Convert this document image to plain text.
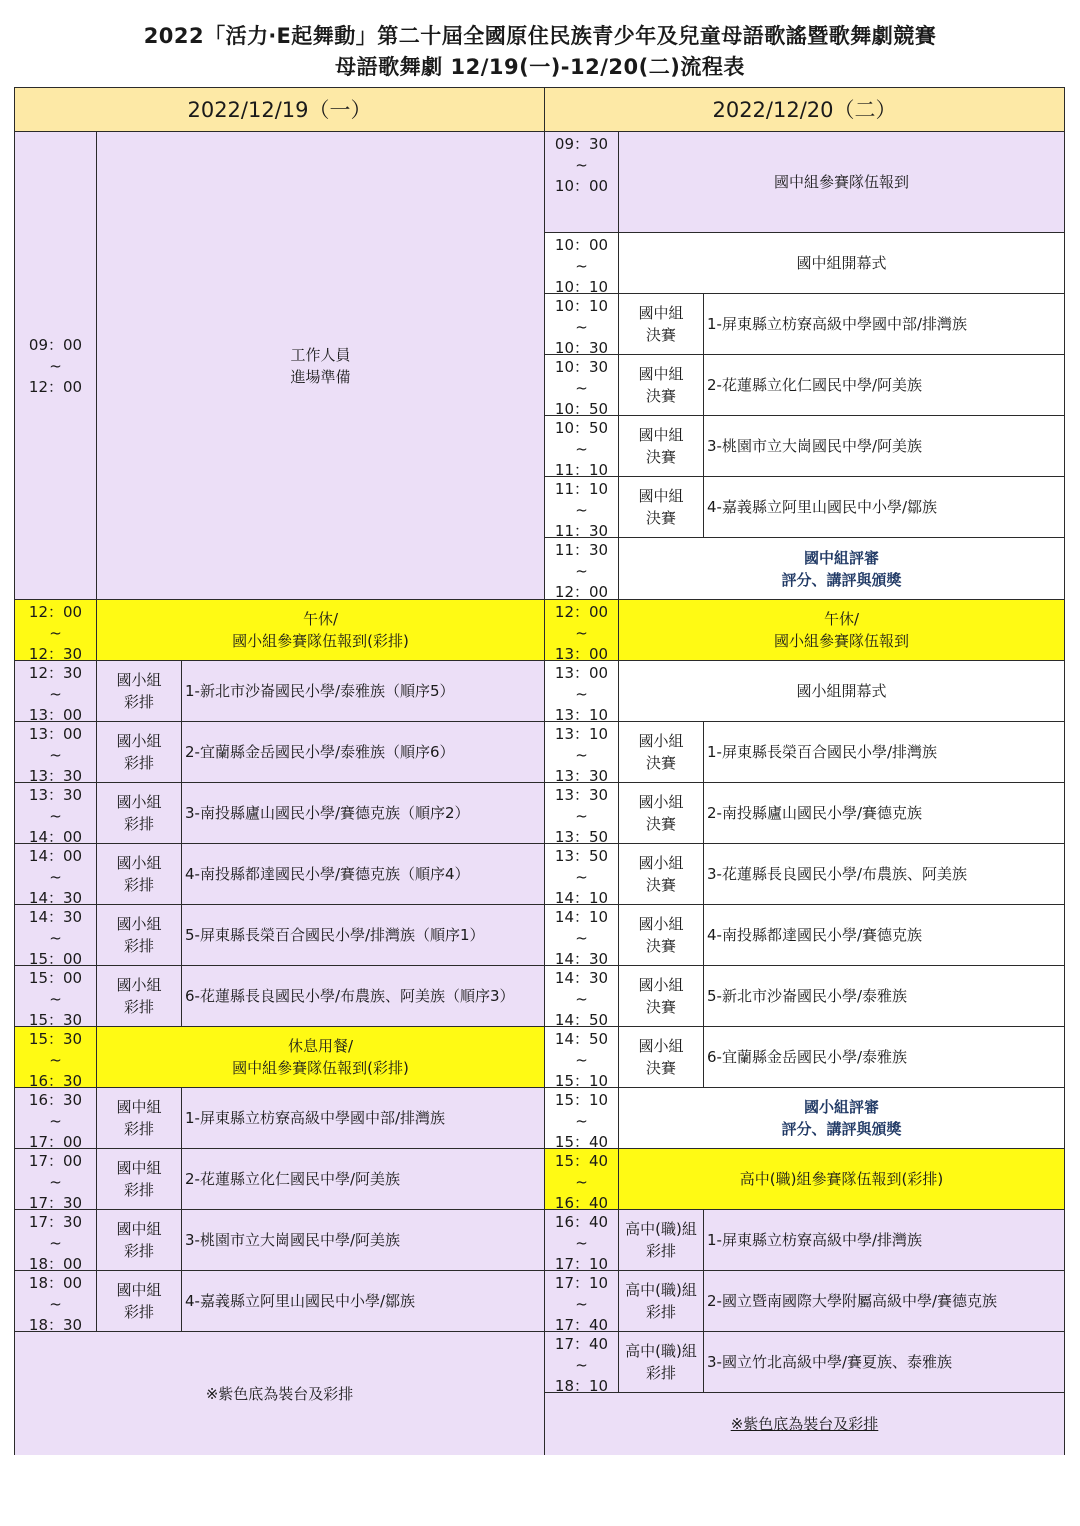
2022「活力‧E起舞動」第二十屆全國原住民族青少年及兒童母語歌謠暨歌舞劇競賽
母語歌舞劇 12/19(一)-12/20(二)流程表
2022/12/19（一）	2022/12/20（二）
09：00
~
12：00
工作人員
進場準備
12：00
~
12：30
午休/
國小組參賽隊伍報到(彩排)
15：30
~
16：30
休息用餐/
國中組參賽隊伍報到(彩排)
※紫色底為裝台及彩排
12：30
~
13：00
國小組
彩排
1-新北市沙崙國民小學/泰雅族（順序5）
13：00
~
13：30
國小組
彩排
2-宜蘭縣金岳國民小學/泰雅族（順序6）
13：30
~
14：00
國小組
彩排
3-南投縣廬山國民小學/賽德克族（順序2）
14：00
~
14：30
國小組
彩排
4-南投縣都達國民小學/賽德克族（順序4）
14：30
~
15：00
國小組
彩排
5-屏東縣長榮百合國民小學/排灣族（順序1）
15：00
~
15：30
國小組
彩排
6-花蓮縣長良國民小學/布農族、阿美族（順序3）
16：30
~
17：00
國中組
彩排
1-屏東縣立枋寮高級中學國中部/排灣族
17：00
~
17：30
國中組
彩排
2-花蓮縣立化仁國民中學/阿美族
17：30
~
18：00
國中組
彩排
3-桃園市立大崗國民中學/阿美族
18：00
~
18：30
國中組
彩排
4-嘉義縣立阿里山國民中小學/鄒族
09：30
~
10：00	國中組參賽隊伍報到
10：00
~
10：10
國中組開幕式
10：10
~
10：30
國中組
決賽
1-屏東縣立枋寮高級中學國中部/排灣族
10：30
~
10：50
國中組
決賽
2-花蓮縣立化仁國民中學/阿美族
10：50
~
11：10
國中組
決賽
3-桃園市立大崗國民中學/阿美族
11：10
~
11：30
國中組
決賽
4-嘉義縣立阿里山國民中小學/鄒族
11：30
~
12：00
國中組評審
評分、講評與頒獎
12：00
~
13：00
午休/
國小組參賽隊伍報到
13：00
~
13：10
國小組開幕式
13：10
~
13：30
國小組
決賽
1-屏東縣長榮百合國民小學/排灣族
13：30
~
13：50
國小組
決賽
2-南投縣廬山國民小學/賽德克族
13：50
~
14：10
國小組
決賽
3-花蓮縣長良國民小學/布農族、阿美族
14：10
~
14：30
國小組
決賽
4-南投縣都達國民小學/賽德克族
14：30
~
14：50
國小組
決賽
5-新北市沙崙國民小學/泰雅族
14：50
~
15：10
國小組
決賽
6-宜蘭縣金岳國民小學/泰雅族
15：10
~
15：40
國小組評審
評分、講評與頒獎
15：40
~
16：40
高中(職)組參賽隊伍報到(彩排)
16：40
~
17：10
高中(職)組
彩排
1-屏東縣立枋寮高級中學/排灣族
17：10
~
17：40
高中(職)組
彩排
2-國立暨南國際大學附屬高級中學/賽德克族
17：40
~
18：10
高中(職)組
彩排
3-國立竹北高級中學/賽夏族、泰雅族
※紫色底為裝台及彩排
